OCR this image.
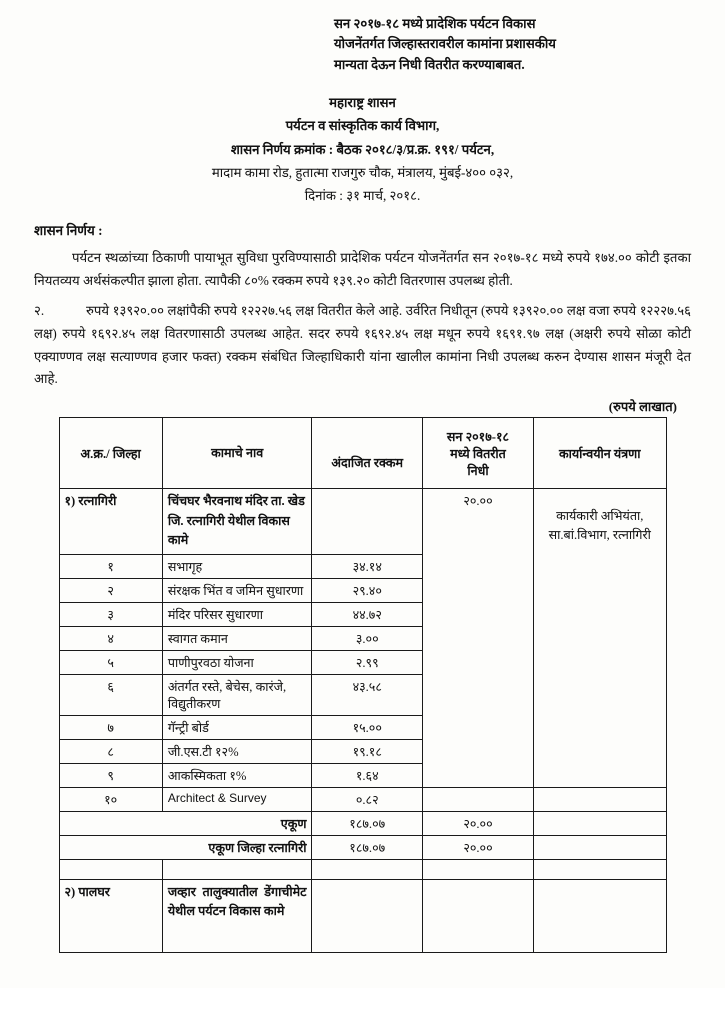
सन २०१७-१८ मध्ये प्रादेशिक पर्यटन विकास
योजनेंतर्गत जिल्हास्तरावरील कामांना प्रशासकीय
मान्यता देऊन निधी वितरीत करण्याबाबत.
महाराष्ट्र शासन
पर्यटन व सांस्कृतिक कार्य विभाग,
शासन निर्णय क्रमांक : बैठक २०१८/३/प्र.क्र. १९१/ पर्यटन,
मादाम कामा रोड, हुतात्मा राजगुरु चौक, मंत्रालय, मुंबई-४०० ०३२,
दिनांक : ३१ मार्च, २०१८.
शासन निर्णय :
पर्यटन स्थळांच्या ठिकाणी पायाभूत सुविधा पुरविण्यासाठी प्रादेशिक पर्यटन योजनेंतर्गत सन २०१७-१८ मध्ये रुपये १७४.०० कोटी इतका नियतव्यय अर्थसंकल्पीत झाला होता. त्यापैकी ८०% रक्कम रुपये १३९.२० कोटी वितरणास उपलब्ध होती.
२.	रुपये १३९२०.०० लक्षांपैकी रुपये १२२२७.५६ लक्ष वितरीत केले आहे. उर्वरित निधीतून (रुपये १३९२०.०० लक्ष वजा रुपये १२२२७.५६ लक्ष) रुपये १६९२.४५ लक्ष वितरणासाठी उपलब्ध आहेत. सदर रुपये १६९२.४५ लक्ष मधून रुपये १६९१.९७ लक्ष (अक्षरी रुपये सोळा कोटी एक्याण्णव लक्ष सत्याण्णव हजार फक्त) रक्कम संबंधित जिल्हाधिकारी यांना खालील कामांना निधी उपलब्ध करुन देण्यास शासन मंजूरी देत आहे.
(रुपये लाखात)
अ.क्र./ जिल्हा	कामाचे नाव	अंदाजित रक्कम	सन २०१७-१८
मध्ये वितरीत
निधी	कार्यान्वयीन यंत्रणा
१) रत्नागिरी	चिंचघर भैरवनाथ मंदिर ता. खेड जि. रत्नागिरी येथील विकास कामे		२०.००	कार्यकारी अभियंता, सा.बां.विभाग, रत्नागिरी
१	सभागृह	३४.१४		
२	संरक्षक भिंत व जमिन सुधारणा	२९.४०		
३	मंदिर परिसर सुधारणा	४४.७२		
४	स्वागत कमान	३.००		
५	पाणीपुरवठा योजना	२.९९		
६	अंतर्गत रस्ते, बेचेस, कारंजे, विद्युतीकरण	४३.५८		
७	गॅन्ट्री बोर्ड	१५.००		
८	जी.एस.टी १२%	१९.१८		
९	आकस्मिकता १%	१.६४		
१०	Architect & Survey	०.८२		
एकूण		१८७.०७	२०.००	
एकूण जिल्हा रत्नागिरी		१८७.०७	२०.००	

२) पालघर	जव्हार तालुक्यातील डेंगाचीमेट येथील पर्यटन विकास कामे			
